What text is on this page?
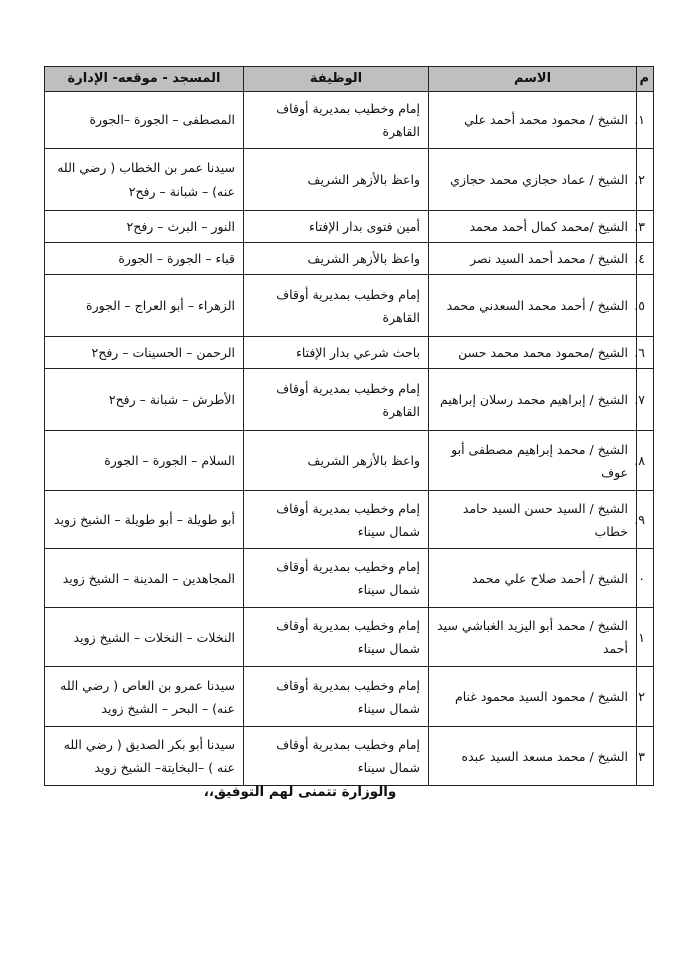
م	الاسم	الوظيفة	المسجد - موقعه- الإدارة
١.	الشيخ / محمود محمد أحمد علي	إمام وخطيب بمديرية أوقاف القاهرة	المصطفى – الجورة –الجورة
٢.	الشيخ / عماد حجازي محمد حجازي	واعظ بالأزهر الشريف	سيدنا عمر بن الخطاب ( رضي الله عنه) – شبانة – رفح٢
٣.	الشيخ /محمد كمال أحمد محمد	أمين فتوى بدار الإفتاء	النور – البرث – رفح٢
٤.	الشيخ / محمد أحمد السيد نصر	واعظ بالأزهر الشريف	قباء – الجورة – الجورة
٥.	الشيخ / أحمد محمد السعدني محمد	إمام وخطيب بمديرية أوقاف القاهرة	الزهراء – أبو العراج – الجورة
٦.	الشيخ /محمود محمد محمد حسن	باحث شرعي بدار الإفتاء	الرحمن – الحسينات – رفح٢
٧.	الشيخ / إبراهيم محمد رسلان إبراهيم	إمام وخطيب بمديرية أوقاف القاهرة	الأطرش – شبانة – رفح٢
٨.	الشيخ / محمد إبراهيم مصطفى أبو عوف	واعظ بالأزهر الشريف	السلام – الجورة – الجورة
٩.	الشيخ / السيد حسن السيد حامد خطاب	إمام وخطيب بمديرية أوقاف شمال سيناء	أبو طويلة – أبو طويلة – الشيخ زويد
٠	الشيخ / أحمد صلاح علي محمد	إمام وخطيب بمديرية أوقاف شمال سيناء	المجاهدين – المدينة – الشيخ زويد
١	الشيخ / محمد أبو اليزيد الغباشي سيد أحمد	إمام وخطيب بمديرية أوقاف شمال سيناء	النخلات – النخلات – الشيخ زويد
٢	الشيخ / محمود السيد محمود غنام	إمام وخطيب بمديرية أوقاف شمال سيناء	سيدنا عمرو بن العاص ( رضي الله عنه) – البحر – الشيخ زويد
٣	الشيخ / محمد مسعد السيد عبده	إمام وخطيب بمديرية أوقاف شمال سيناء	سيدنا أبو بكر الصديق ( رضي الله عنه ) –البخايتة– الشيخ زويد
والوزارة تتمنى لهم التوفيق،،
